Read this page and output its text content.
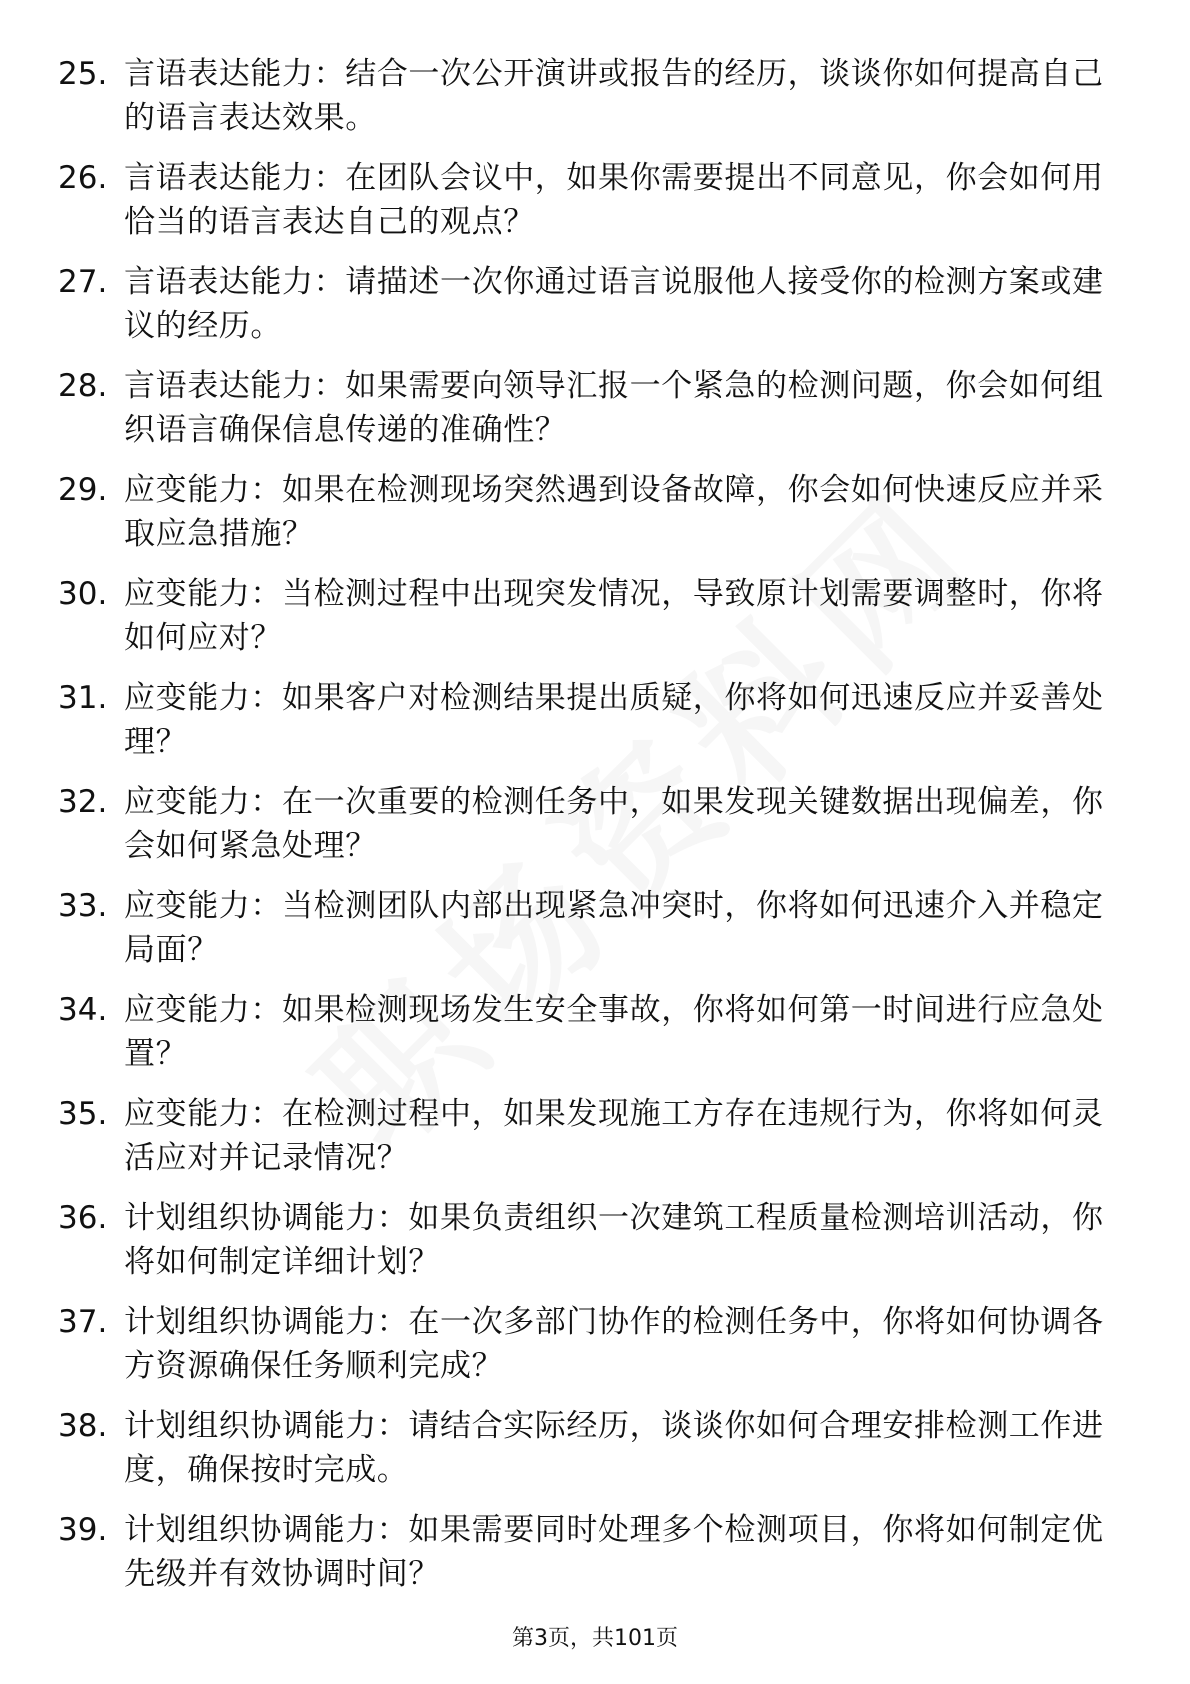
25. 言语表达能力：结合一次公开演讲或报告的经历，谈谈你如何提高自己的语言表达效果。
26. 言语表达能力：在团队会议中，如果你需要提出不同意见，你会如何用恰当的语言表达自己的观点？
27. 言语表达能力：请描述一次你通过语言说服他人接受你的检测方案或建议的经历。
28. 言语表达能力：如果需要向领导汇报一个紧急的检测问题，你会如何组织语言确保信息传递的准确性？
29. 应变能力：如果在检测现场突然遇到设备故障，你会如何快速反应并采取应急措施？
30. 应变能力：当检测过程中出现突发情况，导致原计划需要调整时，你将如何应对？
31. 应变能力：如果客户对检测结果提出质疑，你将如何迅速反应并妥善处理？
32. 应变能力：在一次重要的检测任务中，如果发现关键数据出现偏差，你会如何紧急处理？
33. 应变能力：当检测团队内部出现紧急冲突时，你将如何迅速介入并稳定局面？
34. 应变能力：如果检测现场发生安全事故，你将如何第一时间进行应急处置？
35. 应变能力：在检测过程中，如果发现施工方存在违规行为，你将如何灵活应对并记录情况？
36. 计划组织协调能力：如果负责组织一次建筑工程质量检测培训活动，你将如何制定详细计划？
37. 计划组织协调能力：在一次多部门协作的检测任务中，你将如何协调各方资源确保任务顺利完成？
38. 计划组织协调能力：请结合实际经历，谈谈你如何合理安排检测工作进度，确保按时完成。
39. 计划组织协调能力：如果需要同时处理多个检测项目，你将如何制定优先级并有效协调时间？
第3页，共101页
